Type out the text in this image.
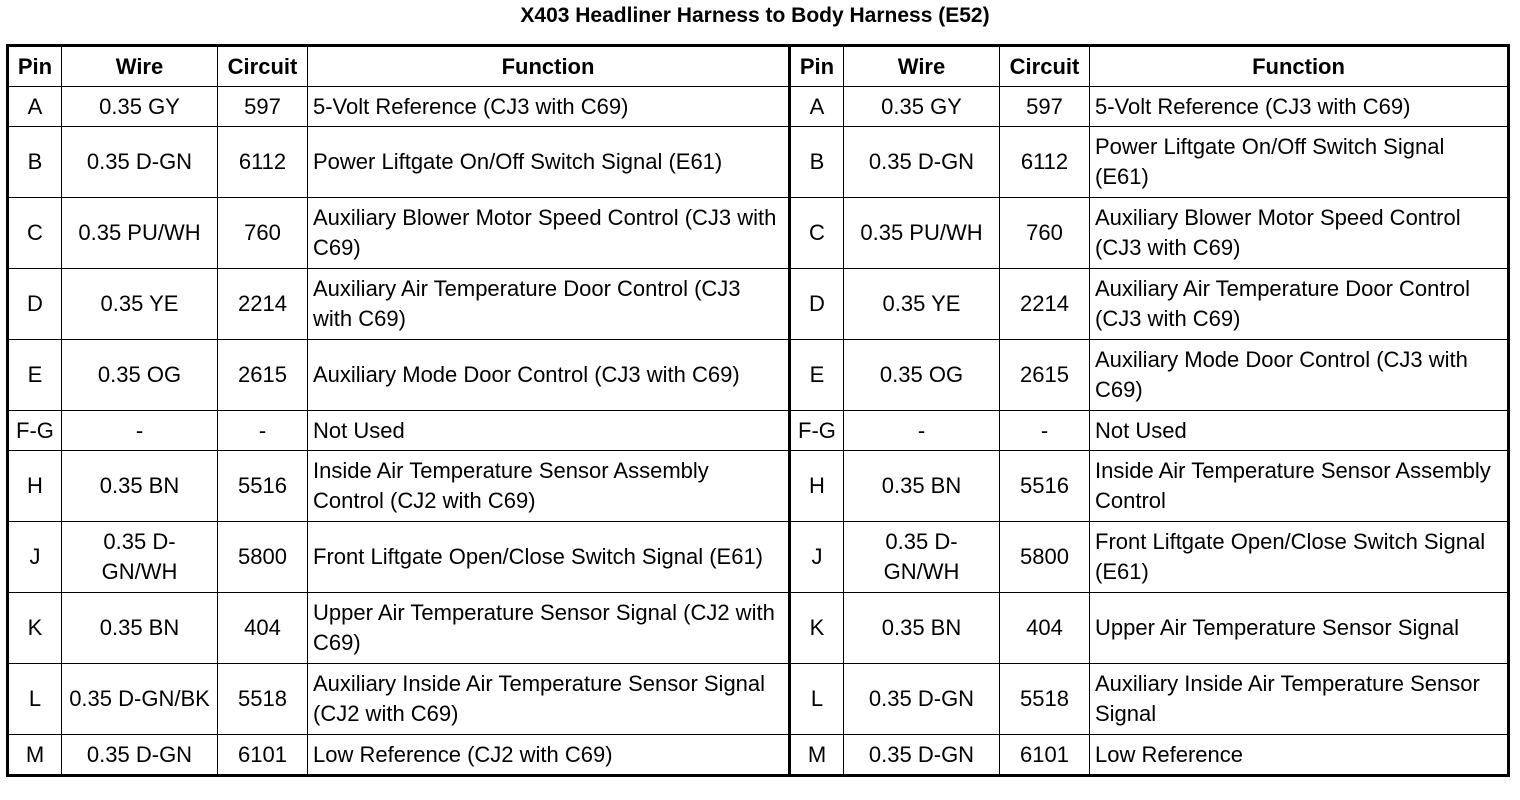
X403 Headliner Harness to Body Harness (E52)
Pin	Wire	Circuit	Function	Pin	Wire	Circuit	Function
A	0.35 GY	597	5-Volt Reference (CJ3 with C69)	A	0.35 GY	597	5-Volt Reference (CJ3 with C69)
B	0.35 D-GN	6112	Power Liftgate On/Off Switch Signal (E61)	B	0.35 D-GN	6112	Power Liftgate On/Off Switch Signal (E61)
C	0.35 PU/WH	760	Auxiliary Blower Motor Speed Control (CJ3 with C69)	C	0.35 PU/WH	760	Auxiliary Blower Motor Speed Control (CJ3 with C69)
D	0.35 YE	2214	Auxiliary Air Temperature Door Control (CJ3 with C69)	D	0.35 YE	2214	Auxiliary Air Temperature Door Control (CJ3 with C69)
E	0.35 OG	2615	Auxiliary Mode Door Control (CJ3 with C69)	E	0.35 OG	2615	Auxiliary Mode Door Control (CJ3 with C69)
F-G	-	-	Not Used	F-G	-	-	Not Used
H	0.35 BN	5516	Inside Air Temperature Sensor Assembly Control (CJ2 with C69)	H	0.35 BN	5516	Inside Air Temperature Sensor Assembly Control
J	0.35 D-GN/WH	5800	Front Liftgate Open/Close Switch Signal (E61)	J	0.35 D-GN/WH	5800	Front Liftgate Open/Close Switch Signal (E61)
K	0.35 BN	404	Upper Air Temperature Sensor Signal (CJ2 with C69)	K	0.35 BN	404	Upper Air Temperature Sensor Signal
L	0.35 D-GN/BK	5518	Auxiliary Inside Air Temperature Sensor Signal (CJ2 with C69)	L	0.35 D-GN	5518	Auxiliary Inside Air Temperature Sensor Signal
M	0.35 D-GN	6101	Low Reference (CJ2 with C69)	M	0.35 D-GN	6101	Low Reference
